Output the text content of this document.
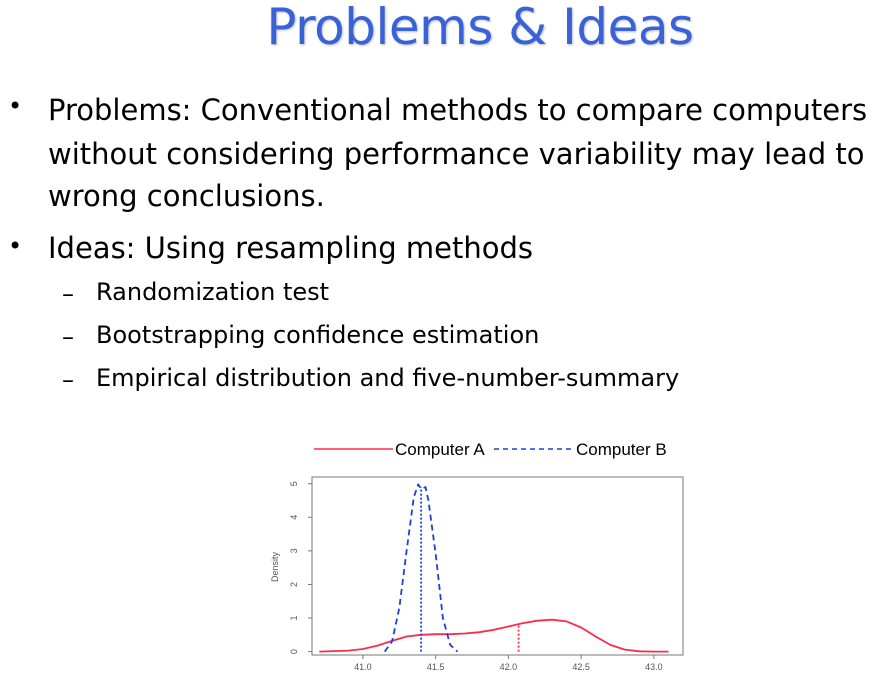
Problems & Ideas
• Problems: Conventional methods to compare computers
without considering performance variability may lead to
wrong conclusions.
• Ideas: Using resampling methods
– Randomization test
– Bootstrapping confidence estimation
– Empirical distribution and five-number-summary
Computer A	Computer B
Density
41.0	41.5	42.0	42.5	43.0
0
1
2
3
4
5
